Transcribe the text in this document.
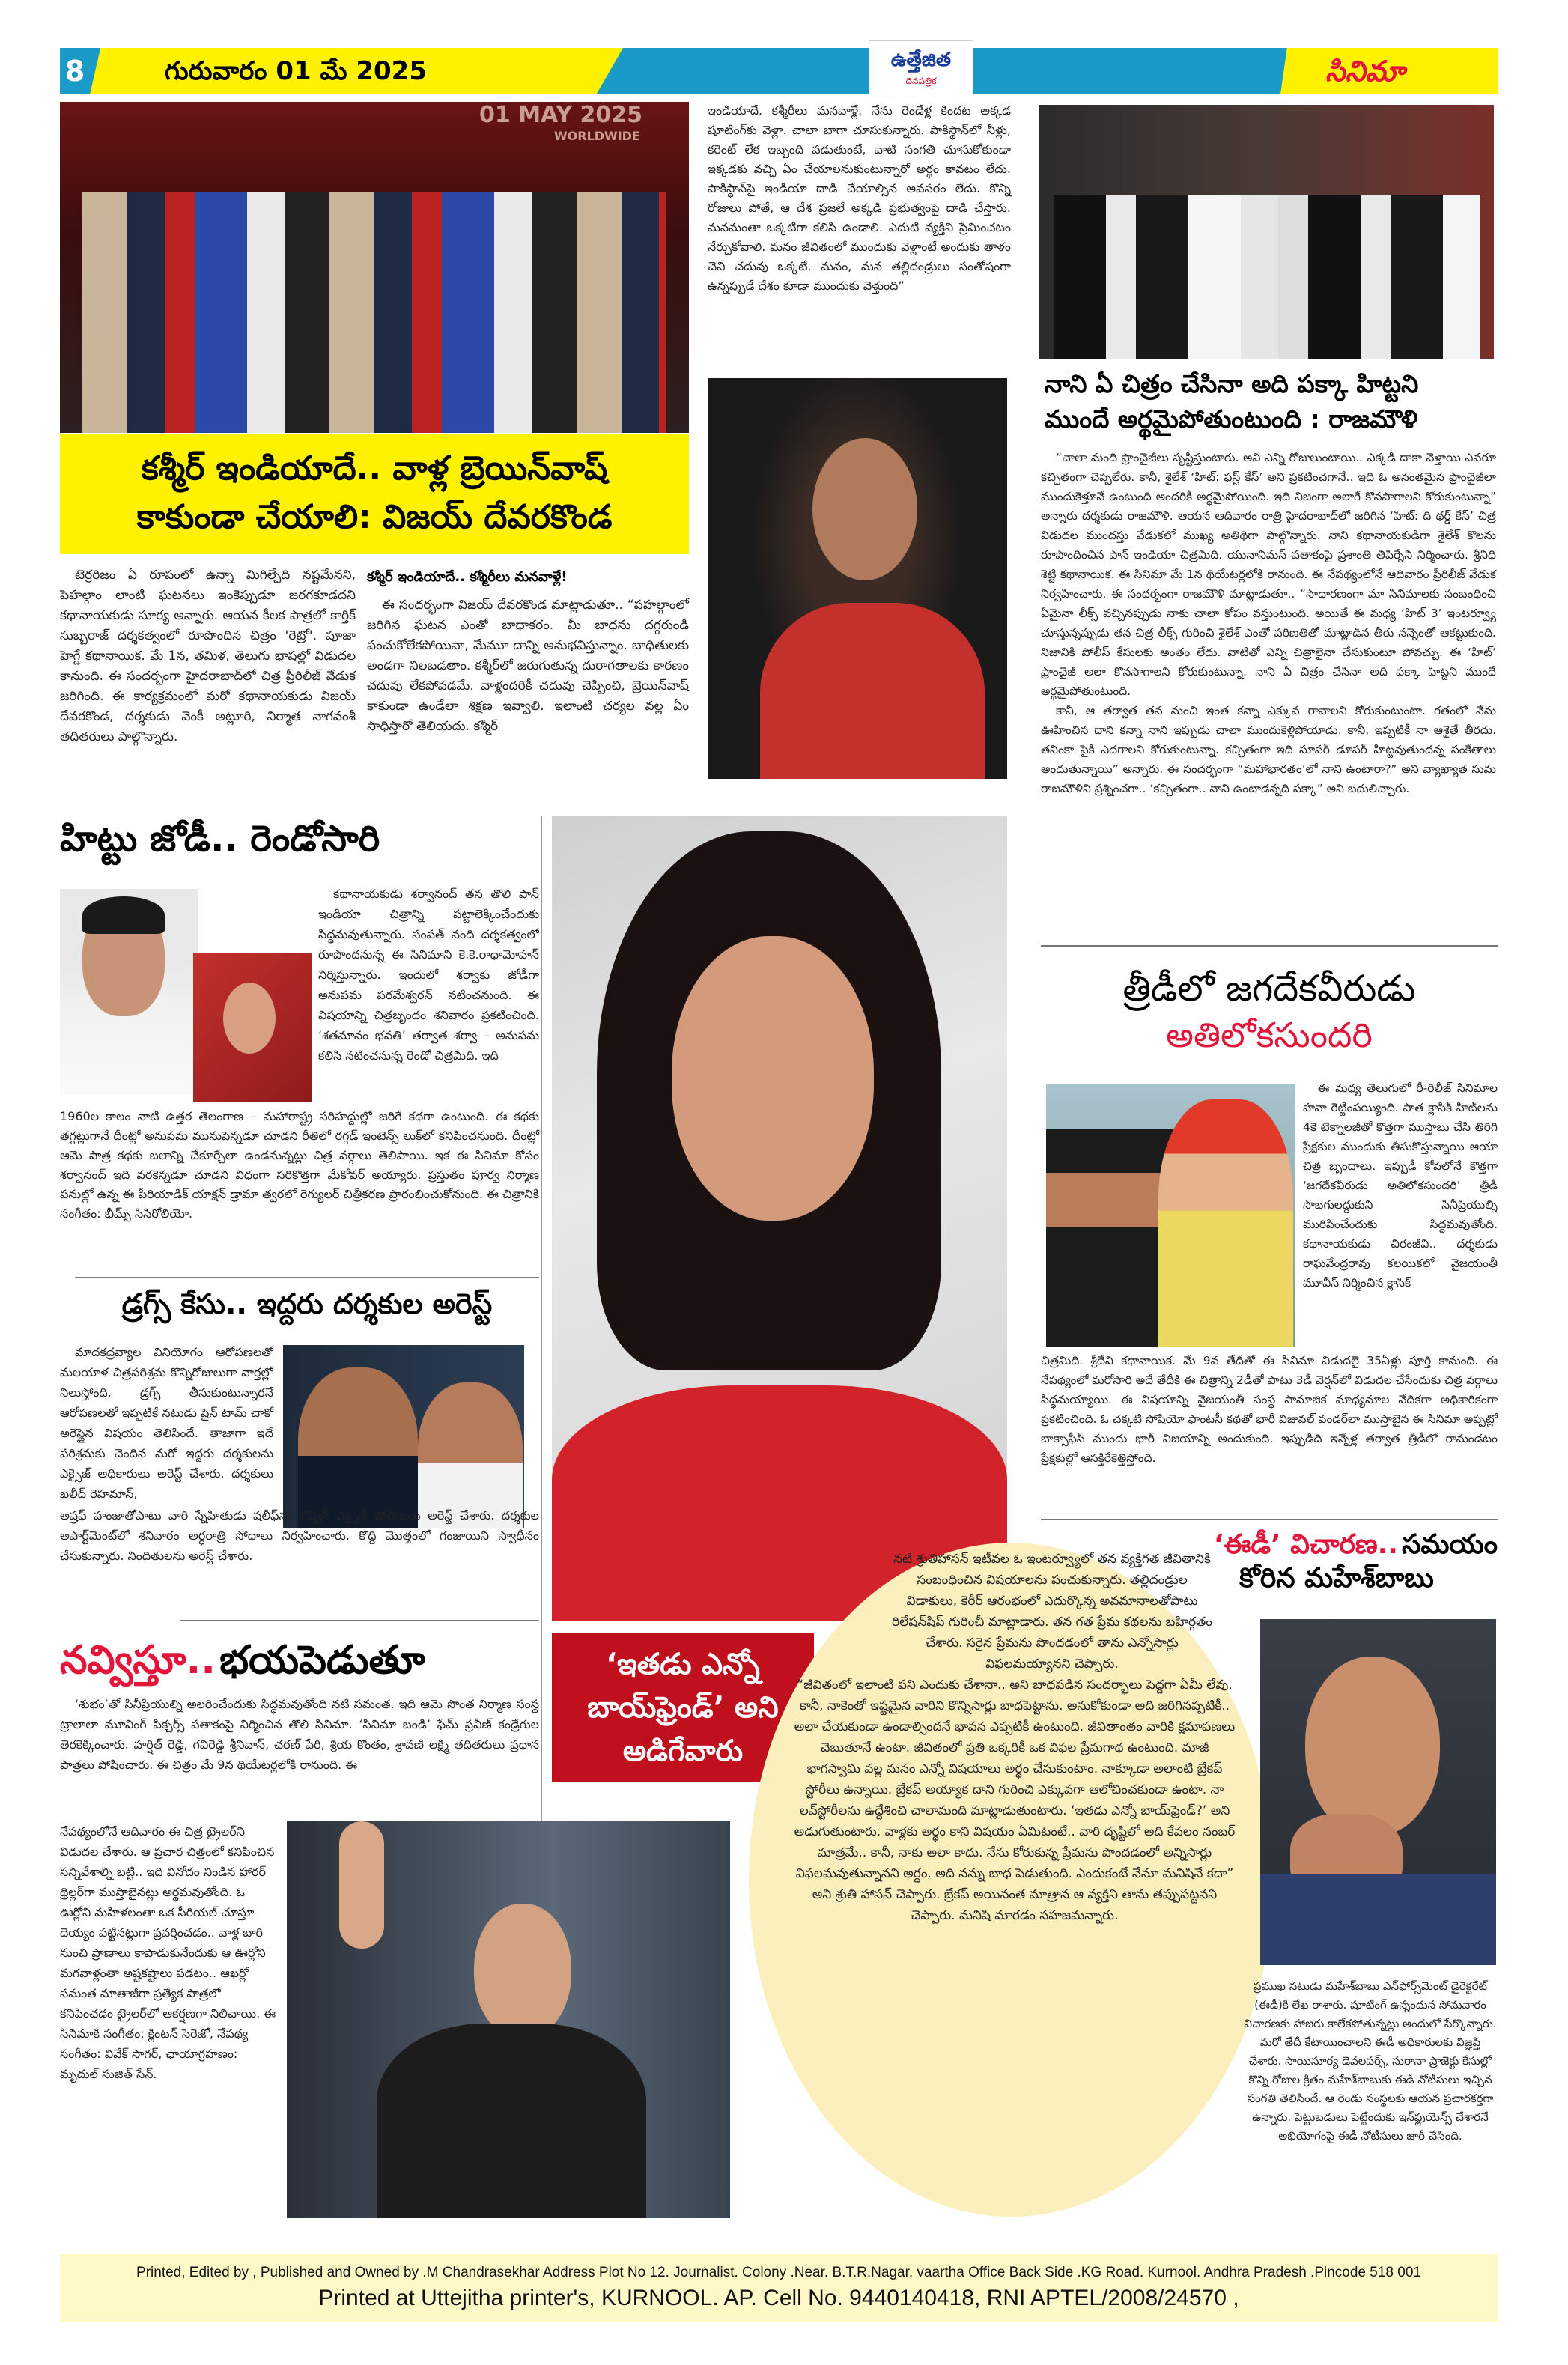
8	గురువారం 01 మే 2025	ఉత్తేజిత
దినపత్రిక	సినిమా
01 MAY 2025
WORLDWIDE
కశ్మీర్ ఇండియాదే.. వాళ్ల బ్రెయిన్‌వాష్
కాకుండా చేయాలి: విజయ్ దేవరకొండ

టెర్రరిజం ఏ రూపంలో ఉన్నా మిగిల్చేది నష్టమేనని, పెహల్గాం లాంటి ఘటనలు ఇంకెప్పుడూ జరగకూడదని కథానాయకుడు సూర్య అన్నారు. ఆయన కీలక పాత్రలో కార్తిక్ సుబ్బరాజ్ దర్శకత్వంలో రూపొందిన చిత్రం 'రెట్రో'. పూజా హెగ్డే కథానాయిక. మే 1న, తమిళ, తెలుగు భాషల్లో విడుదల కానుంది. ఈ సందర్భంగా హైదరాబాద్‌లో చిత్ర ప్రీరిలీజ్ వేడుక జరిగింది. ఈ కార్యక్రమంలో మరో కథానాయకుడు విజయ్ దేవరకొండ, దర్శకుడు వెంకీ అట్లూరి, నిర్మాత నాగవంశీ తదితరులు పాల్గొన్నారు.

కశ్మీర్ ఇండియాదే.. కశ్మీరీలు మనవాళ్లే!

ఈ సందర్భంగా విజయ్ దేవరకొండ మాట్లాడుతూ.. “పహల్గాంలో జరిగిన ఘటన ఎంతో బాధాకరం. మీ బాధను దగ్గరుండి పంచుకోలేకపోయినా, మేమూ దాన్ని అనుభవిస్తున్నాం. బాధితులకు అండగా నిలబడతాం. కశ్మీర్‌లో జరుగుతున్న దురాగతాలకు కారణం చదువు లేకపోవడమే. వాళ్లందరికీ చదువు చెప్పించి, బ్రెయిన్‌వాష్ కాకుండా ఉండేలా శిక్షణ ఇవ్వాలి. ఇలాంటి చర్యల వల్ల ఏం సాధిస్తారో తెలియదు. కశ్మీర్

ఇండియాదే. కశ్మీరీలు మనవాళ్లే. నేను రెండేళ్ల కిందట అక్కడ షూటింగ్‌కు వెళ్లా. చాలా బాగా చూసుకున్నారు. పాకిస్థాన్‌లో నీళ్లు, కరెంట్ లేక ఇబ్బంది పడుతుంటే, వాటి సంగతి చూసుకోకుండా ఇక్కడకు వచ్చి ఏం చేయాలనుకుంటున్నారో అర్థం కావటం లేదు. పాకిస్థాన్‌పై ఇండియా దాడి చేయాల్సిన అవసరం లేదు. కొన్ని రోజులు పోతే, ఆ దేశ ప్రజలే అక్కడి ప్రభుత్వంపై దాడి చేస్తారు. మనమంతా ఒక్కటిగా కలిసి ఉండాలి. ఎదుటి వ్యక్తిని ప్రేమించటం నేర్చుకోవాలి. మనం జీవితంలో ముందుకు వెళ్లాంటే అందుకు తాళం చెవి చదువు ఒక్కటే. మనం, మన తల్లిదండ్రులు సంతోషంగా ఉన్నప్పుడే దేశం కూడా ముందుకు వెళ్తుంది”

నాని ఏ చిత్రం చేసినా అది పక్కా హిట్టని
ముందే అర్థమైపోతుంటుంది : రాజమౌళి

“చాలా మంది ఫ్రాంచైజీలు సృష్టిస్తుంటారు. అవి ఎన్ని రోజులుంటాయి.. ఎక్కడి దాకా వెళ్తాయి ఎవరూ కచ్చితంగా చెప్పలేరు. కానీ, శైలేశ్ ‘హిట్: ఫస్ట్ కేస్’ అని ప్రకటించగానే.. ఇది ఓ అనంతమైన ఫ్రాంచైజీలా ముందుకెళ్తూనే ఉంటుంది అందరికీ అర్థమైపోయింది. ఇది నిజంగా అలాగే కొనసాగాలని కోరుకుంటున్నా” అన్నారు దర్శకుడు రాజమౌళి. ఆయన ఆదివారం రాత్రి హైదరాబాద్‌లో జరిగిన ‘హిట్: ది థర్డ్ కేస్’ చిత్ర విడుదల ముందస్తు వేడుకలో ముఖ్య అతిథిగా పాల్గొన్నారు. నాని కథానాయకుడిగా శైలేశ్ కొలను రూపొందించిన పాన్ ఇండియా చిత్రమిది. యునానిమస్ పతాకంపై ప్రశాంతి తిపిర్నేని నిర్మించారు. శ్రీనిధి శెట్టి కథానాయిక. ఈ సినిమా మే 1న థియేటర్లలోకి రానుంది. ఈ నేపథ్యంలోనే ఆదివారం ప్రీరిలీజ్ వేడుక నిర్వహించారు. ఈ సందర్భంగా రాజమౌళి మాట్లాడుతూ.. “సాధారణంగా మా సినిమాలకు సంబంధించి ఏమైనా లీక్స్ వచ్చినప్పుడు నాకు చాలా కోపం వస్తుంటుంది. అయితే ఈ మధ్య ‘హిట్ 3’ ఇంటర్వ్యూ చూస్తున్నప్పుడు తన చిత్ర లీక్స్ గురించి శైలేశ్ ఎంతో పరిణతితో మాట్లాడిన తీరు నన్నెంతో ఆకట్టుకుంది. నిజానికి పోలీస్ కేసులకు అంతం లేదు. వాటితో ఎన్ని చిత్రాలైనా చేసుకుంటూ పోవచ్చు. ఈ ‘హిట్’ ఫ్రాంచైజీ అలా కొనసాగాలని కోరుకుంటున్నా. నాని ఏ చిత్రం చేసినా అది పక్కా హిట్టని ముందే అర్థమైపోతుంటుంది.

కానీ, ఆ తర్వాత తన నుంచి ఇంత కన్నా ఎక్కువ రావాలని కోరుకుంటుంటా. గతంలో నేను ఊహించిన దాని కన్నా నాని ఇప్పుడు చాలా ముందుకెళ్లిపోయాడు. కానీ, ఇప్పటికీ నా ఆశైతే తీరదు. తనింకా పైకి ఎదగాలని కోరుకుంటున్నా. కచ్చితంగా ఇది సూపర్ డూపర్ హిట్టవుతుందన్న సంకేతాలు అందుతున్నాయి” అన్నారు. ఈ సందర్భంగా “మహాభారతం’లో నాని ఉంటారా?” అని వ్యాఖ్యాత సుమ రాజమౌళిని ప్రశ్నించగా.. ‘కచ్చితంగా.. నాని ఉంటాడన్నది పక్కా” అని బదులిచ్చారు.

హిట్టు జోడీ.. రెండోసారి

కథానాయకుడు శర్వానంద్ తన తొలి పాన్ ఇండియా చిత్రాన్ని పట్టాలెక్కించేందుకు సిద్ధమవుతున్నారు. సంపత్ నంది దర్శకత్వంలో రూపొందనున్న ఈ సినిమాని కె.కె.రాధామోహన్ నిర్మిస్తున్నారు. ఇందులో శర్వాకు జోడీగా అనుపమ పరమేశ్వరన్ నటించనుంది. ఈ విషయాన్ని చిత్రబృందం శనివారం ప్రకటించింది. ‘శతమానం భవతి’ తర్వాత శర్వా – అనుపమ కలిసి నటించనున్న రెండో చిత్రమిది. ఇది

1960ల కాలం నాటి ఉత్తర తెలంగాణ – మహారాష్ట్ర సరిహద్దుల్లో జరిగే కథగా ఉంటుంది. ఈ కథకు తగ్గట్లుగానే దీంట్లో అనుపమ మునుపెన్నడూ చూడని రీతిలో రగ్గడ్ ఇంటెన్స్ లుక్‌లో కనిపించనుంది. దీంట్లో ఆమె పాత్ర కథకు బలాన్ని చేకూర్చేలా ఉండనున్నట్లు చిత్ర వర్గాలు తెలిపాయి. ఇక ఈ సినిమా కోసం శర్వానంద్ ఇది వరకెన్నడూ చూడని విధంగా సరికొత్తగా మేకోవర్ అయ్యారు. ప్రస్తుతం పూర్వ నిర్మాణ పనుల్లో ఉన్న ఈ పీరియాడిక్ యాక్షన్ డ్రామా త్వరలో రెగ్యులర్ చిత్రీకరణ ప్రారంభించుకోనుంది. ఈ చిత్రానికి సంగీతం: భీమ్స్ సిసిరోలియో.

డ్రగ్స్ కేసు.. ఇద్దరు దర్శకుల అరెస్ట్

మాదకద్రవ్యాల వినియోగం ఆరోపణలతో మలయాళ చిత్రపరిశ్రమ కొన్నిరోజులుగా వార్తల్లో నిలుస్తోంది. డ్రగ్స్ తీసుకుంటున్నారనే ఆరోపణలతో ఇప్పటికే నటుడు షైన్ టామ్ చాకో అరెస్టైన విషయం తెలిసిందే. తాజాగా ఇదే పరిశ్రమకు చెందిన మరో ఇద్దరు దర్శకులను ఎక్సైజ్ అధికారులు అరెస్ట్ చేశారు. దర్శకులు ఖలీద్ రెహమాన్,

అష్రఫ్ హంజాతోపాటు వారి స్నేహితుడు షలీఫ్‌ను కొచ్చిన్ ఎక్సైజ్ పోలీసులు అరెస్ట్ చేశారు. దర్శకుల అపార్ట్‌మెంట్‌లో శనివారం అర్ధరాత్రి సోదాలు నిర్వహించారు. కొద్ది మొత్తంలో గంజాయిని స్వాధీనం చేసుకున్నారు. నిందితులను అరెస్ట్ చేశారు.

‘ఇతడు ఎన్నో బాయ్‌ఫ్రెండ్’ అని అడిగేవారు

నటి శ్రుతిహాసన్ ఇటీవల ఓ ఇంటర్వ్యూలో తన వ్యక్తిగత జీవితానికి సంబంధించిన విషయాలను పంచుకున్నారు. తల్లిదండ్రుల విడాకులు, కెరీర్ ఆరంభంలో ఎదుర్కొన్న అవమానాలతోపాటు రిలేషన్‌షిప్ గురించీ మాట్లాడారు. తన గత ప్రేమ కథలను బహిర్గతం చేశారు. సరైన ప్రేమను పొందడంలో తాను ఎన్నోసార్లు విఫలమయ్యానని చెప్పారు.

“జీవితంలో ఇలాంటి పని ఎందుకు చేశానా.. అని బాధపడిన సందర్భాలు పెద్దగా ఏమీ లేవు. కానీ, నాకెంతో ఇష్టమైన వారిని కొన్నిసార్లు బాధపెట్టాను. అనుకోకుండా అది జరిగినప్పటికీ.. అలా చేయకుండా ఉండాల్సిందనే భావన ఎప్పటికీ ఉంటుంది. జీవితాంతం వారికి క్షమాపణలు చెబుతూనే ఉంటా. జీవితంలో ప్రతి ఒక్కరికీ ఒక విఫల ప్రేమగాథ ఉంటుంది. మాజీ భాగస్వామి వల్ల మనం ఎన్నో విషయాలు అర్థం చేసుకుంటాం. నాక్కూడా అలాంటి బ్రేకప్ స్టోరీలు ఉన్నాయి. బ్రేకప్ అయ్యాక దాని గురించి ఎక్కువగా ఆలోచించకుండా ఉంటా. నా లవ్‌స్టోరీలను ఉద్దేశించి చాలామంది మాట్లాడుతుంటారు. ‘ఇతడు ఎన్నో బాయ్‌ఫ్రెండ్?’ అని అడుగుతుంటారు. వాళ్లకు అర్థం కాని విషయం ఏమిటంటే.. వారి దృష్టిలో అది కేవలం నంబర్ మాత్రమే.. కానీ, నాకు అలా కాదు. నేను కోరుకున్న ప్రేమను పొందడంలో అన్నిసార్లు విఫలమవుతున్నానని అర్థం. అది నన్ను బాధ పెడుతుంది. ఎందుకంటే నేనూ మనిషినే కదా” అని శ్రుతి హాసన్ చెప్పారు. బ్రేకప్ అయినంత మాత్రాన ఆ వ్యక్తిని తాను తప్పుపట్టనని చెప్పారు. మనిషి మారడం సహజమన్నారు.

త్రీడీలో జగదేకవీరుడు
అతిలోకసుందరి

ఈ మధ్య తెలుగులో రీ-రిలీజ్ సినిమాల హవా రెట్టింపయ్యింది. పాత క్లాసిక్ హిట్‌లను 4కె టెక్నాలజీతో కొత్తగా ముస్తాబు చేసి తిరిగి ప్రేక్షకుల ముందుకు తీసుకొస్తున్నాయి ఆయా చిత్ర బృందాలు. ఇప్పుడీ కోవలోనే కొత్తగా ‘జగదేకవీరుడు అతిలోకసుందరి’ త్రీడీ సొబగులద్దుకుని సినీప్రియుల్ని మురిపించేందుకు సిద్ధమవుతోంది. కథానాయకుడు చిరంజీవి.. దర్శకుడు రాఘవేంద్రరావు కలయికలో వైజయంతీ మూవీస్ నిర్మించిన క్లాసిక్

చిత్రమిది. శ్రీదేవి కథానాయిక. మే 9వ తేదీతో ఈ సినిమా విడుదలై 35ఏళ్లు పూర్తి కానుంది. ఈ నేపథ్యంలో మరోసారి అదే తేదీకి ఈ చిత్రాన్ని 2డీతో పాటు 3డీ వెర్షన్‌లో విడుదల చేసేందుకు చిత్ర వర్గాలు సిద్ధమయ్యాయి. ఈ విషయాన్ని వైజయంతీ సంస్థ సామాజిక మాధ్యమాల వేదికగా అధికారికంగా ప్రకటించింది. ఓ చక్కటి సోషియో ఫాంటసీ కథతో భారీ విజువల్ వండర్‌లా ముస్తాబైన ఈ సినిమా అప్పట్లో బాక్సాఫీస్ ముందు భారీ విజయాన్ని అందుకుంది. ఇప్పుడిది ఇన్నేళ్ల తర్వాత త్రీడీలో రానుండటం ప్రేక్షకుల్లో ఆసక్తిరేకెత్తిస్తోంది.

‘ఈడీ’ విచారణ.. సమయం
కోరిన మహేశ్‌బాబు

ప్రముఖ నటుడు మహేశ్‌బాబు ఎన్‌ఫోర్స్‌మెంట్ డైరెక్టరేట్ (ఈడీ)కి లేఖ రాశారు. షూటింగ్ ఉన్నందున సోమవారం విచారణకు హాజరు కాలేకపోతున్నట్లు అందులో పేర్కొన్నారు. మరో తేదీ కేటాయించాలని ఈడీ అధికారులకు విజ్ఞప్తి చేశారు. సాయిసూర్య డెవలపర్స్, సురానా ప్రాజెక్టు కేసుల్లో కొన్ని రోజుల క్రితం మహేశ్‌బాబుకు ఈడీ నోటీసులు ఇచ్చిన సంగతి తెలిసిందే. ఆ రెండు సంస్థలకు ఆయన ప్రచారకర్తగా ఉన్నారు. పెట్టుబడులు పెట్టేందుకు ఇన్‌ఫ్లుయెన్స్ చేశారనే అభియోగంపై ఈడీ నోటీసులు జారీ చేసింది.

నవ్విస్తూ.. భయపెడుతూ

‘శుభం’తో సినీప్రియుల్ని అలరించేందుకు సిద్ధమవుతోంది నటి సమంత. ఇది ఆమె సొంత నిర్మాణ సంస్థ ట్రాలాలా మూవింగ్ పిక్చర్స్ పతాకంపై నిర్మించిన తొలి సినిమా. ‘సినిమా బండి’ ఫేమ్ ప్రవీణ్ కండ్రేగుల తెరకెక్కించారు. హర్షిత్ రెడ్డి, గవిరెడ్డి శ్రీనివాస్, చరణ్ పేరి, శ్రియ కొంతం, శ్రావణి లక్ష్మి తదితరులు ప్రధాన పాత్రలు పోషించారు. ఈ చిత్రం మే 9న థియేటర్లలోకి రానుంది. ఈ

నేపథ్యంలోనే ఆదివారం ఈ చిత్ర ట్రైలర్‌ని విడుదల చేశారు. ఆ ప్రచార చిత్రంలో కనిపించిన సన్నివేశాల్ని బట్టి.. ఇది వినోదం నిండిన హారర్ థ్రిల్లర్‌గా ముస్తాబైనట్లు అర్థమవుతోంది. ఓ ఊర్లోని మహిళలంతా ఒక సీరియల్ చూస్తూ దెయ్యం పట్టినట్లుగా ప్రవర్తించడం.. వాళ్ల బారి నుంచి ప్రాణాలు కాపాడుకునేందుకు ఆ ఊర్లోని మగవాళ్లంతా అష్టకష్టాలు పడటం.. ఆఖర్లో సమంత మాతాజీగా ప్రత్యేక పాత్రలో కనిపించడం ట్రైలర్‌లో ఆకర్షణగా నిలిచాయి. ఈ సినిమాకి సంగీతం: క్లింటన్ సెరెజో, నేపథ్య సంగీతం: వివేక్ సాగర్, ఛాయాగ్రహణం: మృదుల్ సుజిత్ సేన్.

Printed, Edited by , Published and Owned by .M Chandrasekhar Address Plot No 12. Journalist. Colony .Near. B.T.R.Nagar. vaartha Office Back Side .KG Road. Kurnool. Andhra Pradesh .Pincode 518 001
Printed at Uttejitha printer's, KURNOOL. AP. Cell No. 9440140418, RNI APTEL/2008/24570 ,
